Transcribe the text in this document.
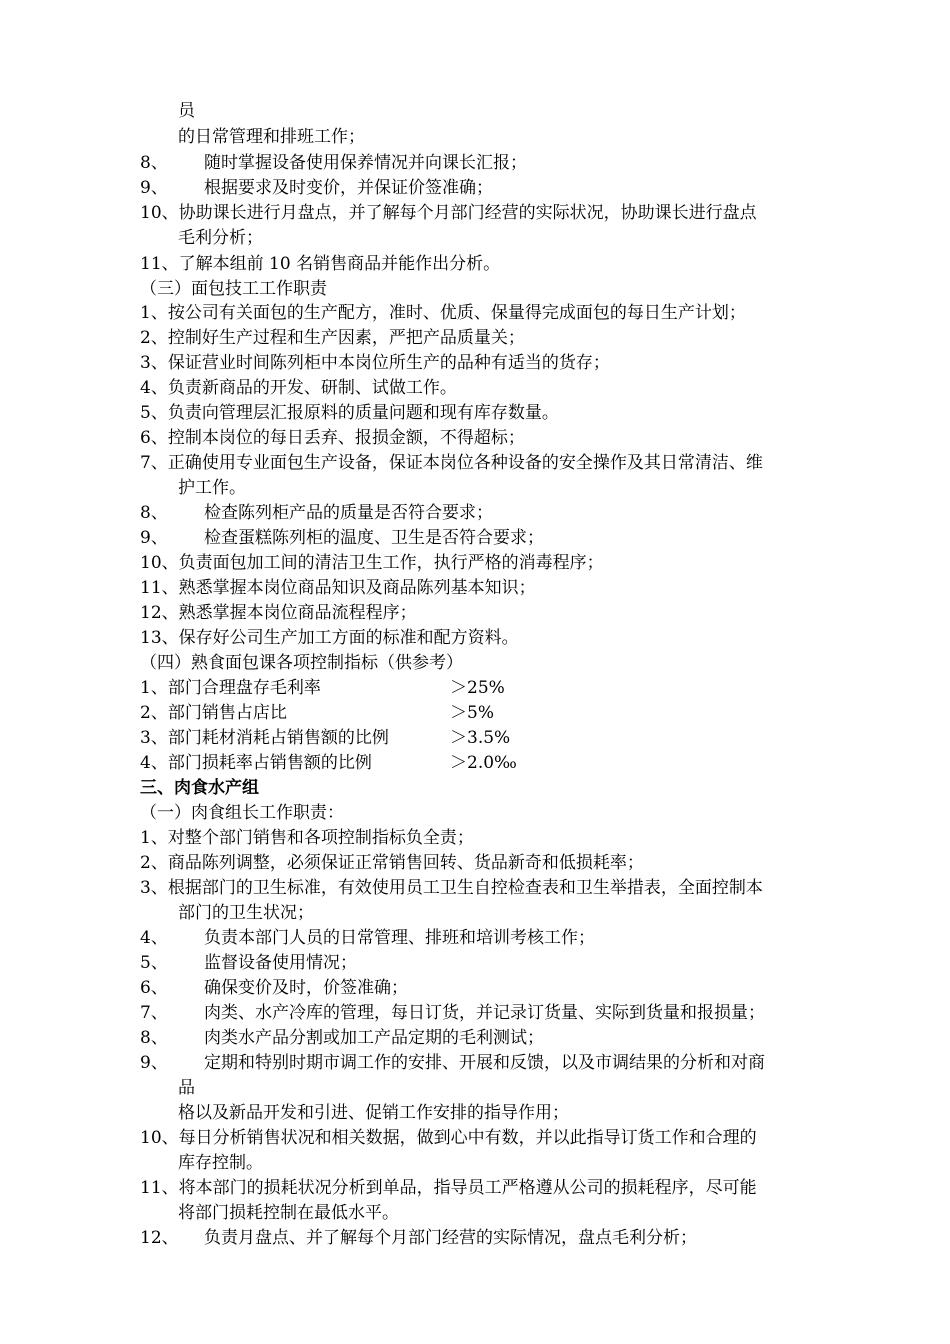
员
的日常管理和排班工作；
8、 随时掌握设备使用保养情况并向课长汇报；
9、 根据要求及时变价，并保证价签准确；
10、协助课长进行月盘点，并了解每个月部门经营的实际状况，协助课长进行盘点
毛利分析；
11、了解本组前 10 名销售商品并能作出分析。
（三）面包技工工作职责
1、按公司有关面包的生产配方，准时、优质、保量得完成面包的每日生产计划；
2、控制好生产过程和生产因素，严把产品质量关；
3、保证营业时间陈列柜中本岗位所生产的品种有适当的货存；
4、负责新商品的开发、研制、试做工作。
5、负责向管理层汇报原料的质量问题和现有库存数量。
6、控制本岗位的每日丢弃、报损金额，不得超标；
7、正确使用专业面包生产设备，保证本岗位各种设备的安全操作及其日常清洁、维
护工作。
8、 检查陈列柜产品的质量是否符合要求；
9、 检查蛋糕陈列柜的温度、卫生是否符合要求；
10、负责面包加工间的清洁卫生工作，执行严格的消毒程序；
11、熟悉掌握本岗位商品知识及商品陈列基本知识；
12、熟悉掌握本岗位商品流程程序；
13、保存好公司生产加工方面的标准和配方资料。
（四）熟食面包课各项控制指标（供参考）
1、部门合理盘存毛利率	＞25%
2、部门销售占店比	＞5%
3、部门耗材消耗占销售额的比例	＞3.5%
4、部门损耗率占销售额的比例	＞2.0‰
三、肉食水产组
（一）肉食组长工作职责：
1、对整个部门销售和各项控制指标负全责；
2、商品陈列调整，必须保证正常销售回转、货品新奇和低损耗率；
3、根据部门的卫生标准，有效使用员工卫生自控检查表和卫生举措表，全面控制本
部门的卫生状况；
4、 负责本部门人员的日常管理、排班和培训考核工作；
5、 监督设备使用情况；
6、 确保变价及时，价签准确；
7、 肉类、水产冷库的管理，每日订货，并记录订货量、实际到货量和报损量；
8、 肉类水产品分割或加工产品定期的毛利测试；
9、 定期和特别时期市调工作的安排、开展和反馈，以及市调结果的分析和对商
品
格以及新品开发和引进、促销工作安排的指导作用；
10、每日分析销售状况和相关数据，做到心中有数，并以此指导订货工作和合理的
库存控制。
11、将本部门的损耗状况分析到单品，指导员工严格遵从公司的损耗程序，尽可能
将部门损耗控制在最低水平。
12、 负责月盘点、并了解每个月部门经营的实际情况，盘点毛利分析；
